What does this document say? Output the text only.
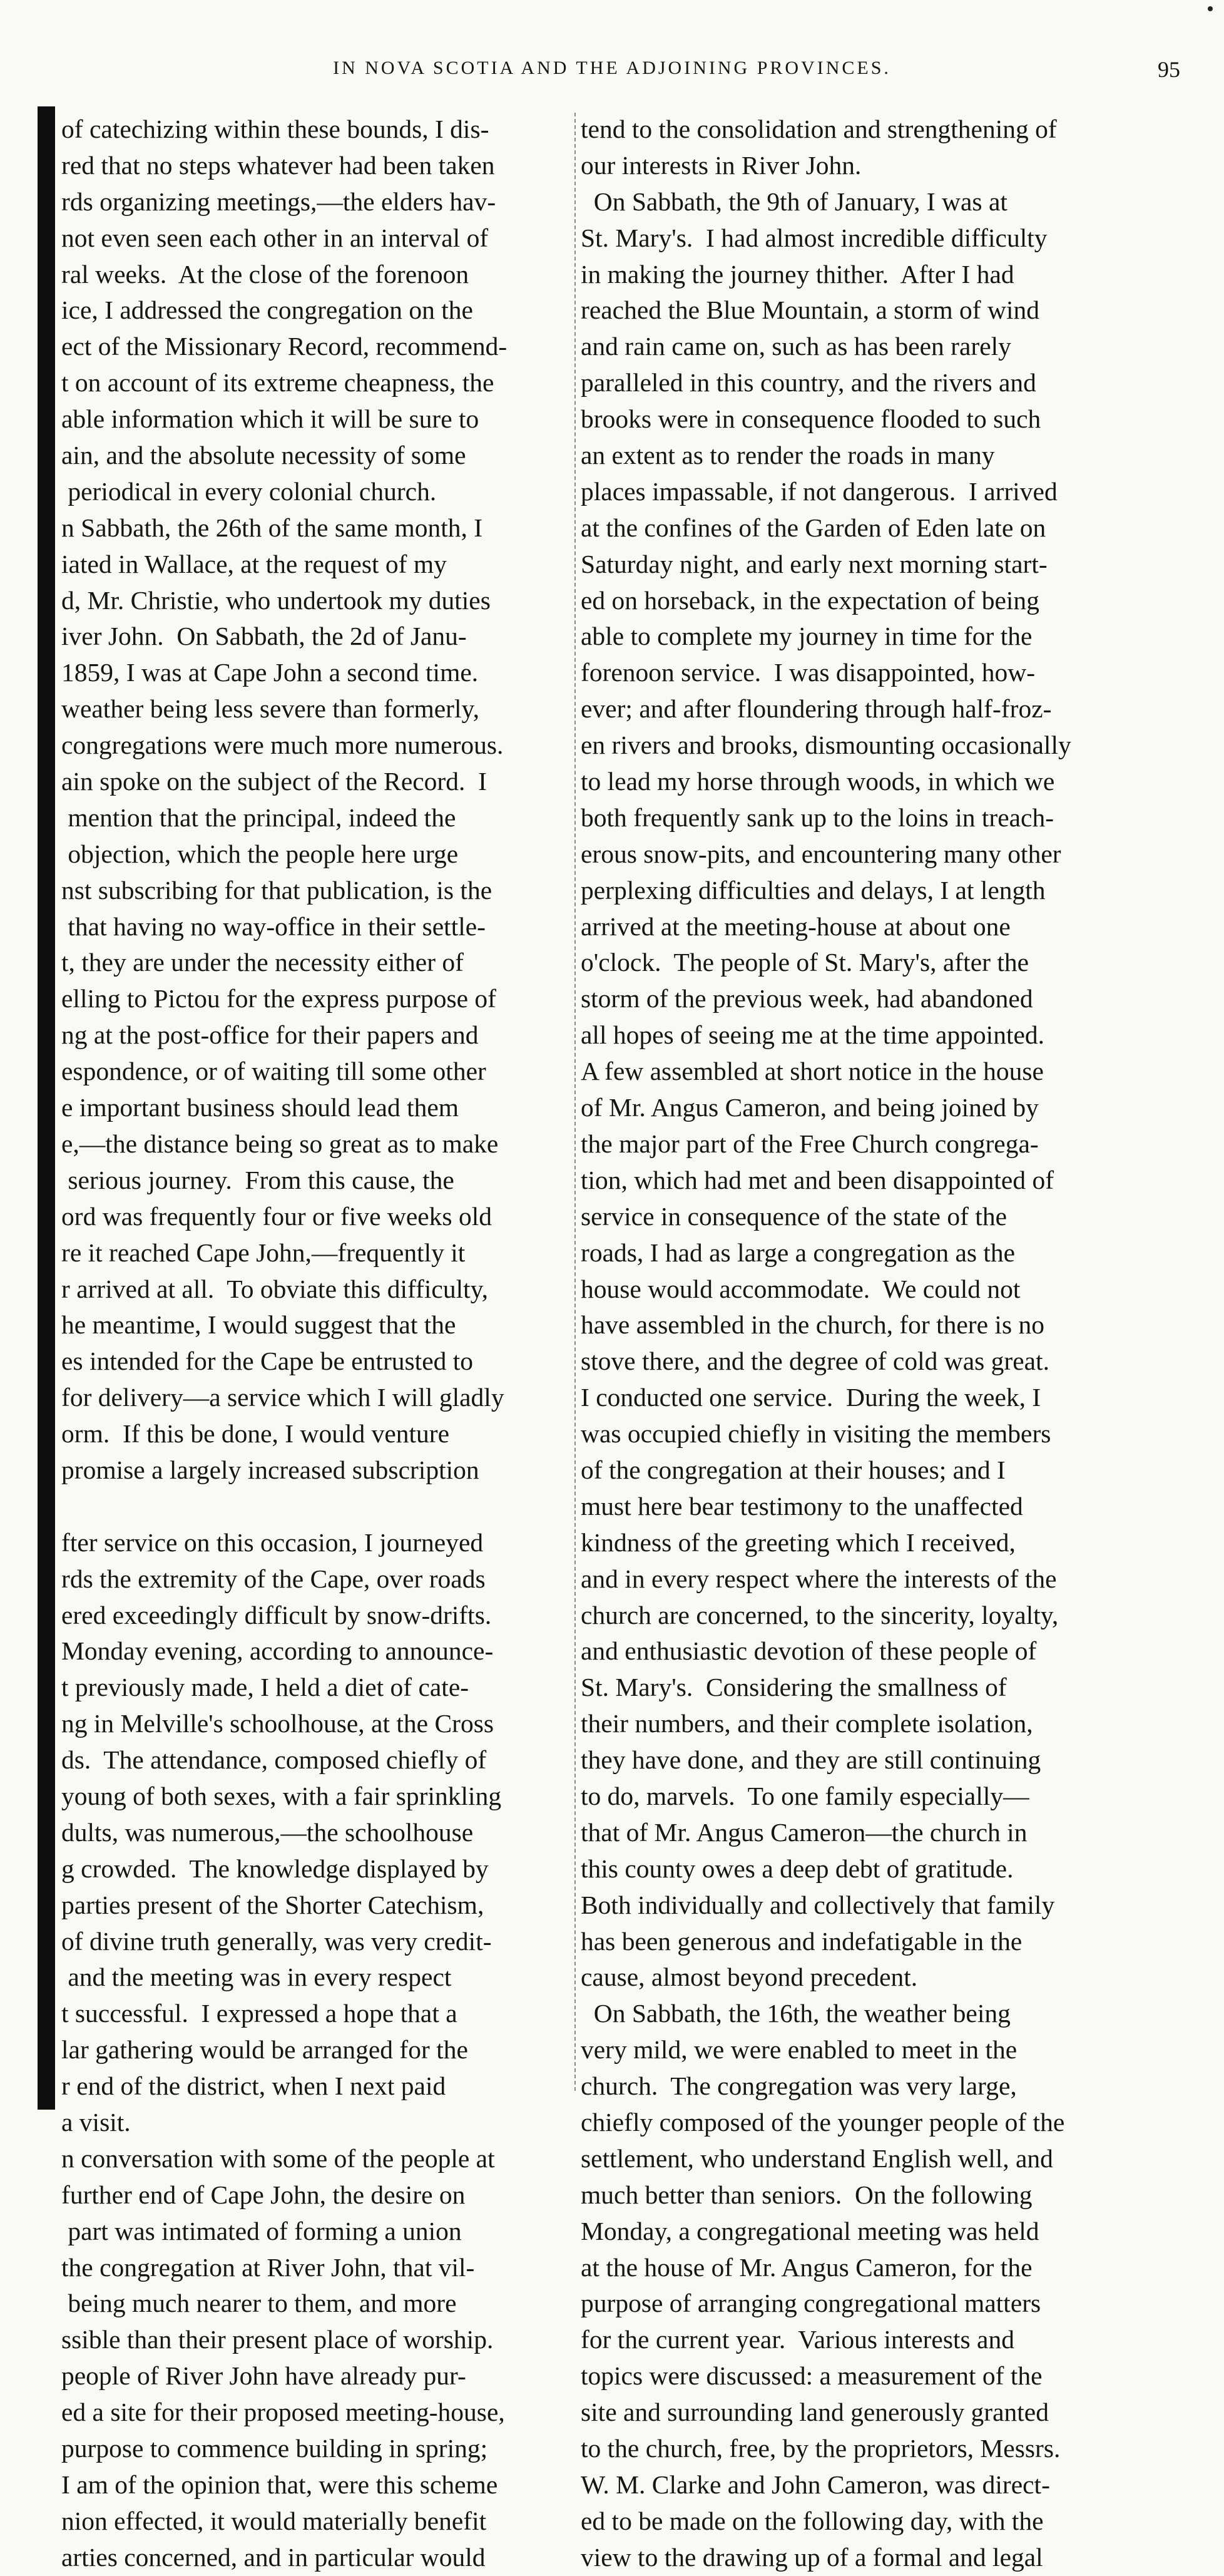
IN NOVA SCOTIA AND THE ADJOINING PROVINCES.	95
of catechizing within these bounds, I dis-
red that no steps whatever had been taken
rds organizing meetings,—the elders hav-
not even seen each other in an interval of
ral weeks.  At the close of the forenoon
ice, I addressed the congregation on the
ect of the Missionary Record, recommend-
t on account of its extreme cheapness, the
able information which it will be sure to
ain, and the absolute necessity of some
periodical in every colonial church.
n Sabbath, the 26th of the same month, I
iated in Wallace, at the request of my
d, Mr. Christie, who undertook my duties
iver John.  On Sabbath, the 2d of Janu-
1859, I was at Cape John a second time.
weather being less severe than formerly,
congregations were much more numerous.
ain spoke on the subject of the Record.  I
mention that the principal, indeed the
objection, which the people here urge
nst subscribing for that publication, is the
that having no way-office in their settle-
t, they are under the necessity either of
elling to Pictou for the express purpose of
ng at the post-office for their papers and
espondence, or of waiting till some other
e important business should lead them
e,—the distance being so great as to make
serious journey.  From this cause, the
ord was frequently four or five weeks old
re it reached Cape John,—frequently it
r arrived at all.  To obviate this difficulty,
he meantime, I would suggest that the
es intended for the Cape be entrusted to
for delivery—a service which I will gladly
orm.  If this be done, I would venture
promise a largely increased subscription
fter service on this occasion, I journeyed
rds the extremity of the Cape, over roads
ered exceedingly difficult by snow-drifts.
Monday evening, according to announce-
t previously made, I held a diet of cate-
ng in Melville's schoolhouse, at the Cross
ds.  The attendance, composed chiefly of
young of both sexes, with a fair sprinkling
dults, was numerous,—the schoolhouse
g crowded.  The knowledge displayed by
parties present of the Shorter Catechism,
of divine truth generally, was very credit-
and the meeting was in every respect
t successful.  I expressed a hope that a
lar gathering would be arranged for the
r end of the district, when I next paid
a visit.
n conversation with some of the people at
further end of Cape John, the desire on
part was intimated of forming a union
the congregation at River John, that vil-
being much nearer to them, and more
ssible than their present place of worship.
people of River John have already pur-
ed a site for their proposed meeting-house,
purpose to commence building in spring;
I am of the opinion that, were this scheme
nion effected, it would materially benefit
arties concerned, and in particular would
tend to the consolidation and strengthening of
our interests in River John.
On Sabbath, the 9th of January, I was at
St. Mary's.  I had almost incredible difficulty
in making the journey thither.  After I had
reached the Blue Mountain, a storm of wind
and rain came on, such as has been rarely
paralleled in this country, and the rivers and
brooks were in consequence flooded to such
an extent as to render the roads in many
places impassable, if not dangerous.  I arrived
at the confines of the Garden of Eden late on
Saturday night, and early next morning start-
ed on horseback, in the expectation of being
able to complete my journey in time for the
forenoon service.  I was disappointed, how-
ever; and after floundering through half-froz-
en rivers and brooks, dismounting occasionally
to lead my horse through woods, in which we
both frequently sank up to the loins in treach-
erous snow-pits, and encountering many other
perplexing difficulties and delays, I at length
arrived at the meeting-house at about one
o'clock.  The people of St. Mary's, after the
storm of the previous week, had abandoned
all hopes of seeing me at the time appointed.
A few assembled at short notice in the house
of Mr. Angus Cameron, and being joined by
the major part of the Free Church congrega-
tion, which had met and been disappointed of
service in consequence of the state of the
roads, I had as large a congregation as the
house would accommodate.  We could not
have assembled in the church, for there is no
stove there, and the degree of cold was great.
I conducted one service.  During the week, I
was occupied chiefly in visiting the members
of the congregation at their houses; and I
must here bear testimony to the unaffected
kindness of the greeting which I received,
and in every respect where the interests of the
church are concerned, to the sincerity, loyalty,
and enthusiastic devotion of these people of
St. Mary's.  Considering the smallness of
their numbers, and their complete isolation,
they have done, and they are still continuing
to do, marvels.  To one family especially—
that of Mr. Angus Cameron—the church in
this county owes a deep debt of gratitude.
Both individually and collectively that family
has been generous and indefatigable in the
cause, almost beyond precedent.
On Sabbath, the 16th, the weather being
very mild, we were enabled to meet in the
church.  The congregation was very large,
chiefly composed of the younger people of the
settlement, who understand English well, and
much better than seniors.  On the following
Monday, a congregational meeting was held
at the house of Mr. Angus Cameron, for the
purpose of arranging congregational matters
for the current year.  Various interests and
topics were discussed: a measurement of the
site and surrounding land generously granted
to the church, free, by the proprietors, Messrs.
W. M. Clarke and John Cameron, was direct-
ed to be made on the following day, with the
view to the drawing up of a formal and legal
